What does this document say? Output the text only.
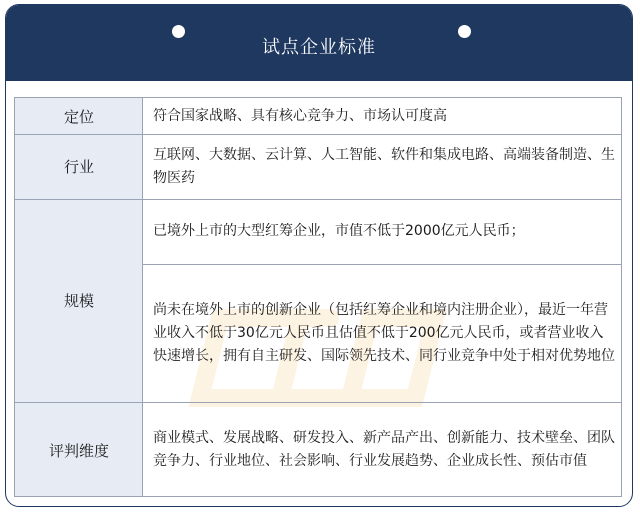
试点企业标准
定位
行业
规模
评判维度
符合国家战略、具有核心竞争力、市场认可度高
互联网、大数据、云计算、人工智能、软件和集成电路、高端装备制造、生物医药
已境外上市的大型红筹企业，市值不低于2000亿元人民币；
尚未在境外上市的创新企业（包括红筹企业和境内注册企业），最近一年营业收入不低于30亿元人民币且估值不低于200亿元人民币，或者营业收入快速增长，拥有自主研发、国际领先技术、同行业竞争中处于相对优势地位
商业模式、发展战略、研发投入、新产品产出、创新能力、技术壁垒、团队竞争力、行业地位、社会影响、行业发展趋势、企业成长性、预估市值
